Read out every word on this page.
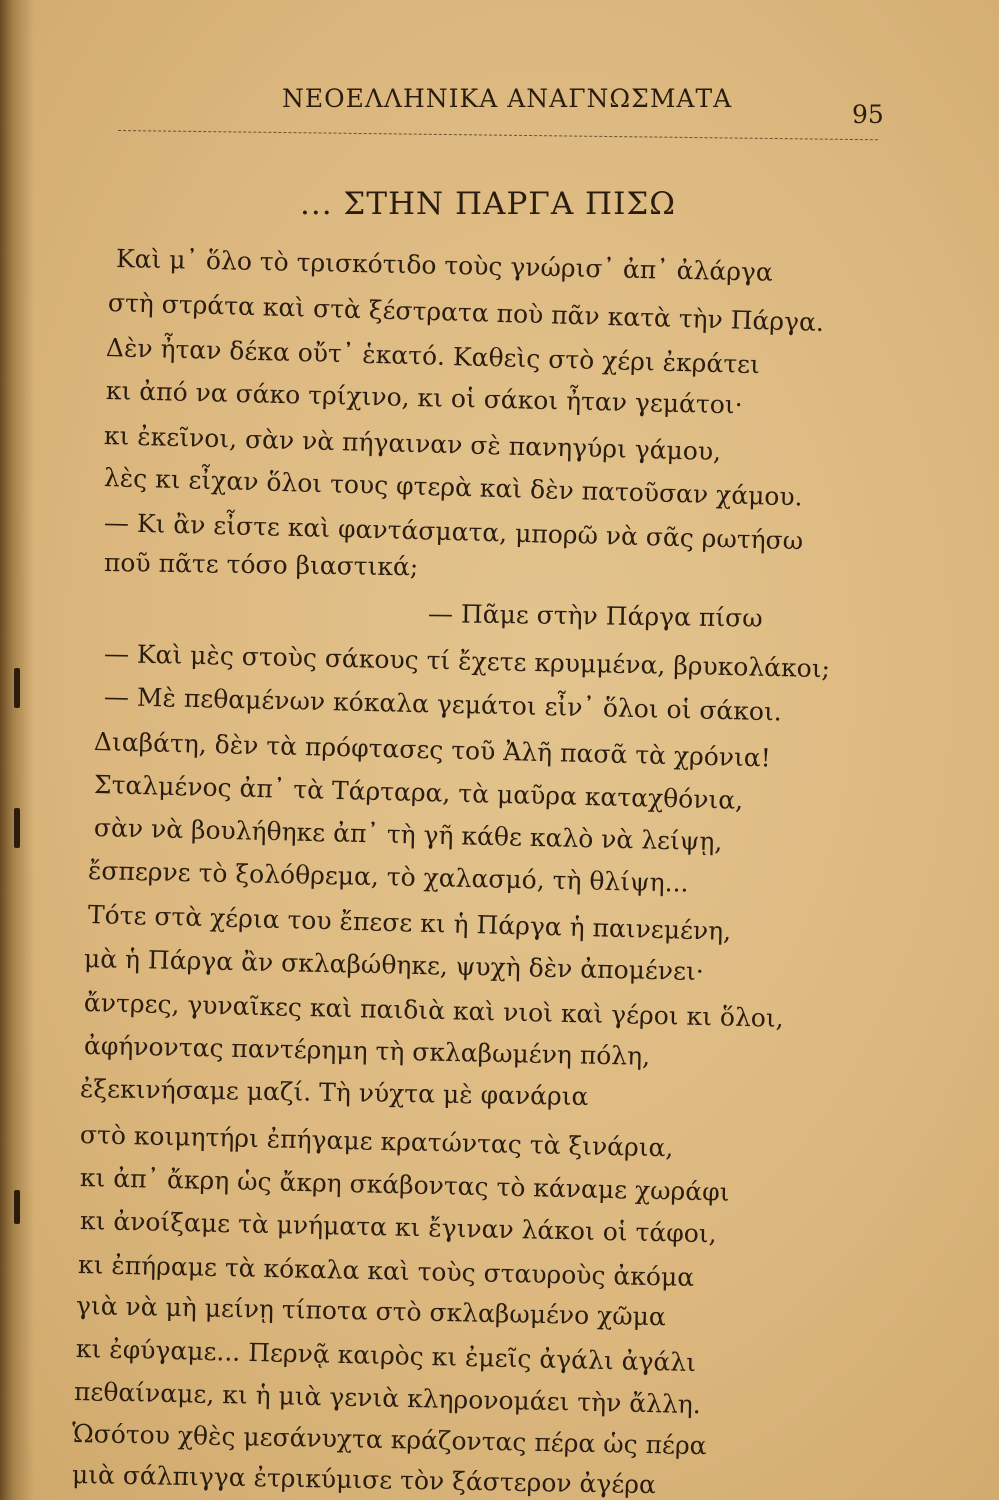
ΝΕΟΕΛΛΗΝΙΚΑ ΑΝΑΓΝΩΣΜΑΤΑ
95
... ΣΤΗΝ ΠΑΡΓΑ ΠΙΣΩ
Καὶ μ᾿ ὅλο τὸ τρισκότιδο τοὺς γνώρισ᾿ ἀπ᾿ ἀλάργα
στὴ στράτα καὶ στὰ ξέστρατα ποὺ πᾶν κατὰ τὴν Πάργα.
Δὲν ἦταν δέκα οὔτ᾿ ἑκατό. Καθεὶς στὸ χέρι ἐκράτει
κι ἀπό να σάκο τρίχινο, κι οἱ σάκοι ἦταν γεμάτοι·
κι ἐκεῖνοι, σὰν νὰ πήγαιναν σὲ πανηγύρι γάμου,
λὲς κι εἶχαν ὅλοι τους φτερὰ καὶ δὲν πατοῦσαν χάμου.
— Κι ἂν εἶστε καὶ φαντάσματα, μπορῶ νὰ σᾶς ρωτήσω
ποῦ πᾶτε τόσο βιαστικά;
— Πᾶμε στὴν Πάργα πίσω
— Καὶ μὲς στοὺς σάκους τί ἔχετε κρυμμένα, βρυκολάκοι;
— Μὲ πεθαμένων κόκαλα γεμάτοι εἶν᾿ ὅλοι οἱ σάκοι.
Διαβάτη, δὲν τὰ πρόφτασες τοῦ Ἀλῆ πασᾶ τὰ χρόνια!
Σταλμένος ἀπ᾿ τὰ Τάρταρα, τὰ μαῦρα καταχθόνια,
σὰν νὰ βουλήθηκε ἀπ᾿ τὴ γῆ κάθε καλὸ νὰ λείψῃ,
ἔσπερνε τὸ ξολόθρεμα, τὸ χαλασμό, τὴ θλίψη...
Τότε στὰ χέρια του ἔπεσε κι ἡ Πάργα ἡ παινεμένη,
μὰ ἡ Πάργα ἂν σκλαβώθηκε, ψυχὴ δὲν ἀπομένει·
ἄντρες, γυναῖκες καὶ παιδιὰ καὶ νιοὶ καὶ γέροι κι ὅλοι,
ἀφήνοντας παντέρημη τὴ σκλαβωμένη πόλη,
ἐξεκινήσαμε μαζί. Τὴ νύχτα μὲ φανάρια
στὸ κοιμητήρι ἐπήγαμε κρατώντας τὰ ξινάρια,
κι ἀπ᾿ ἄκρη ὡς ἄκρη σκάβοντας τὸ κάναμε χωράφι
κι ἀνοίξαμε τὰ μνήματα κι ἔγιναν λάκοι οἱ τάφοι,
κι ἐπήραμε τὰ κόκαλα καὶ τοὺς σταυροὺς ἀκόμα
γιὰ νὰ μὴ μείνῃ τίποτα στὸ σκλαβωμένο χῶμα
κι ἐφύγαμε... Περνᾷ καιρὸς κι ἐμεῖς ἀγάλι ἀγάλι
πεθαίναμε, κι ἡ μιὰ γενιὰ κληρονομάει τὴν ἄλλη.
Ὡσότου χθὲς μεσάνυχτα κράζοντας πέρα ὡς πέρα
μιὰ σάλπιγγα ἐτρικύμισε τὸν ξάστερον ἀγέρα
